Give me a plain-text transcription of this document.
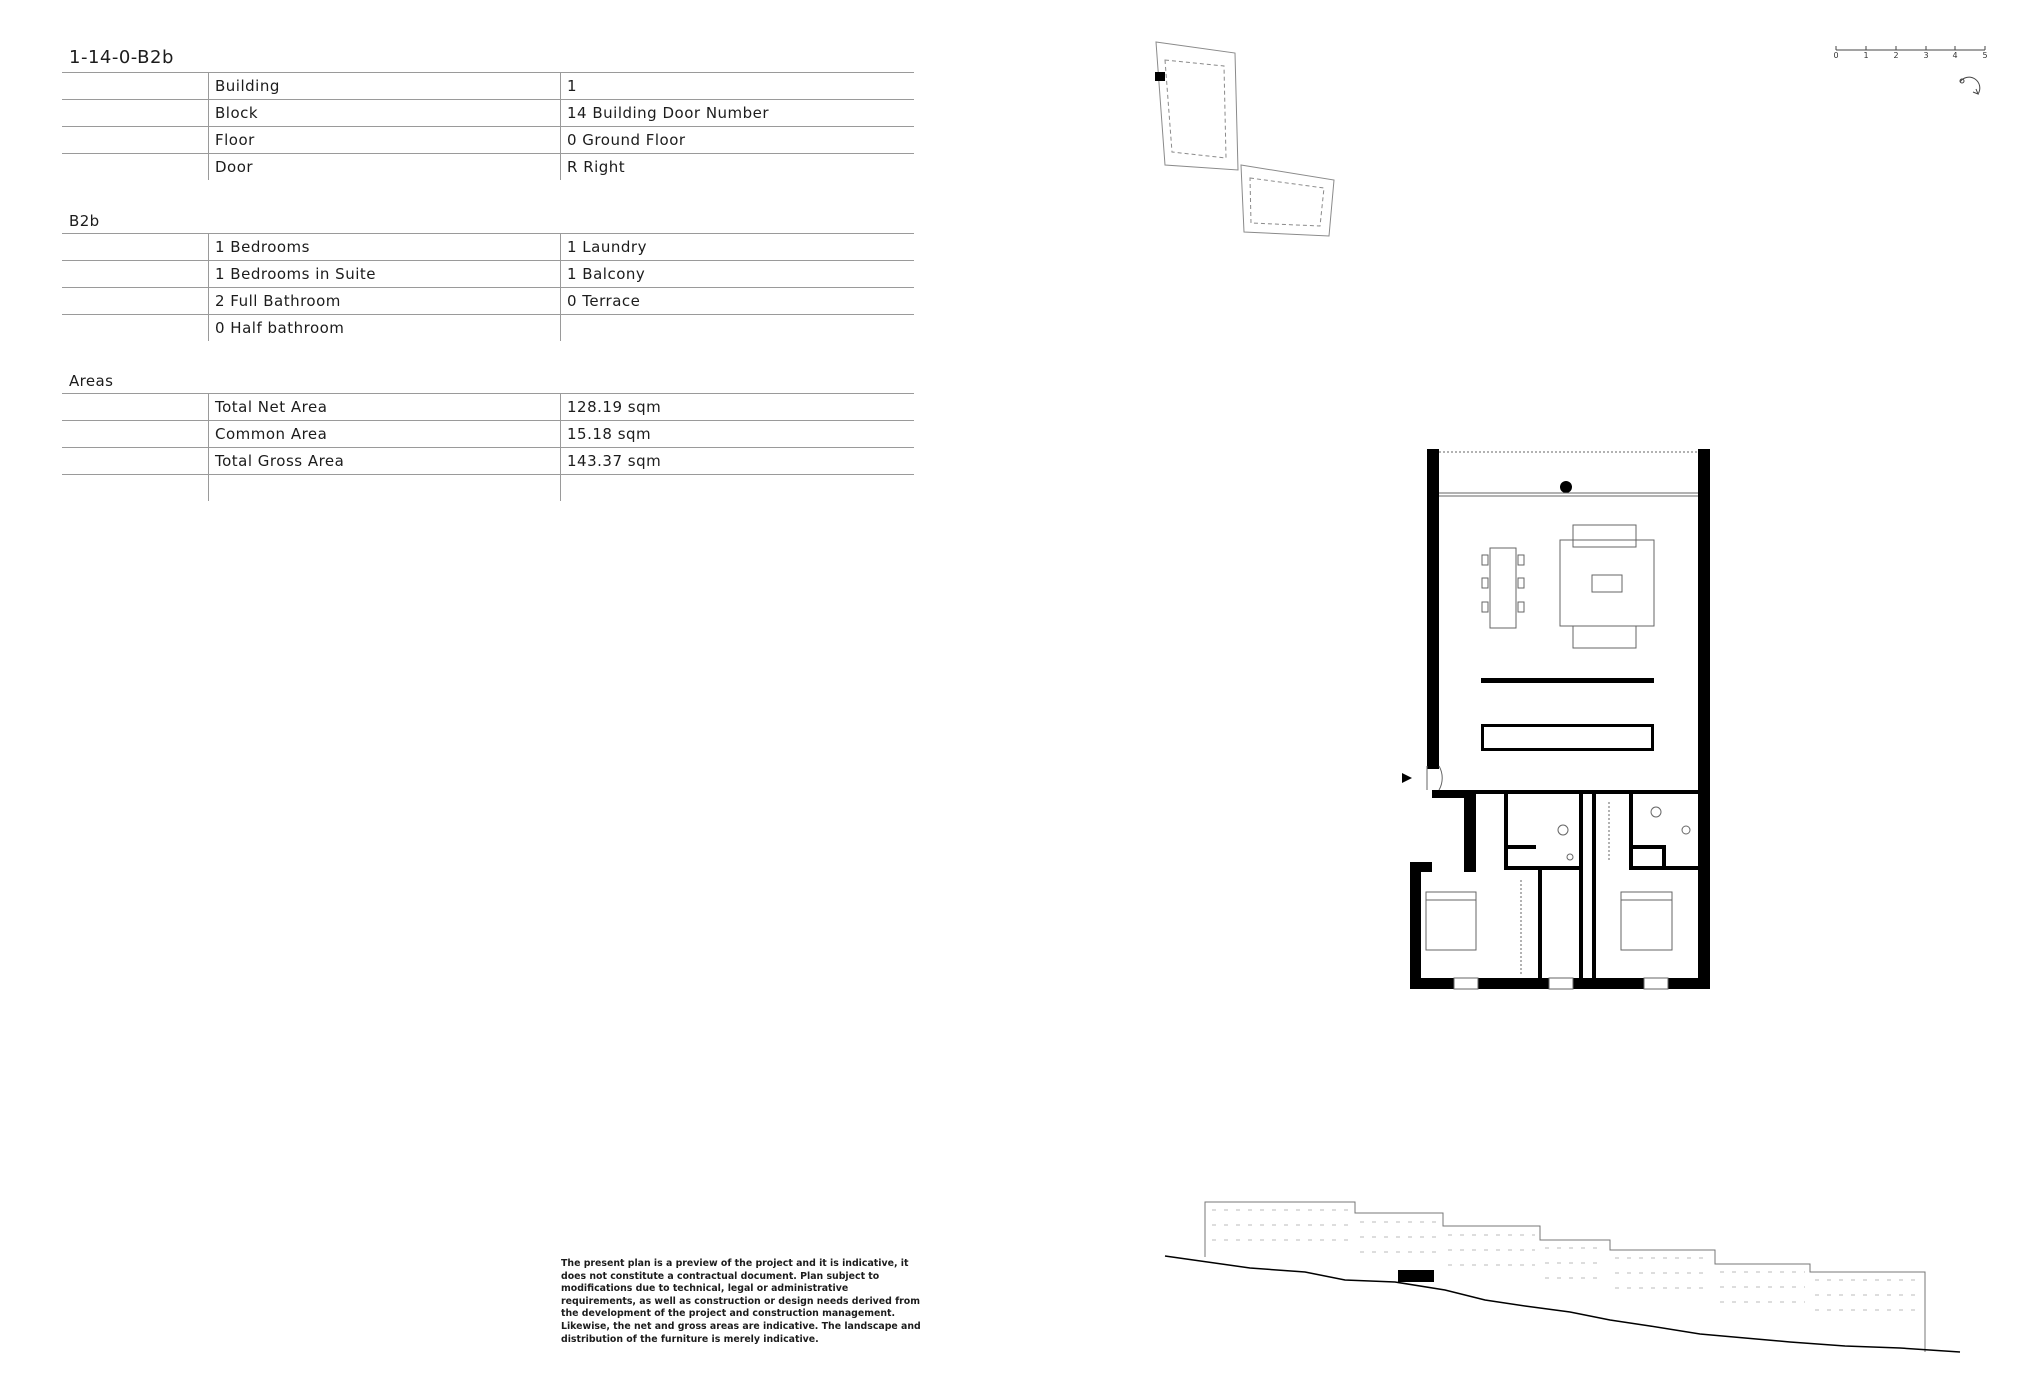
1-14-0-B2b
Building	1
Block	14 Building Door Number
Floor	0 Ground Floor
Door	R Right
B2b
1 Bedrooms	1 Laundry
1 Bedrooms in Suite	1 Balcony
2 Full Bathroom	0 Terrace
0 Half bathroom
Areas
Total Net Area	128.19 sqm
Common Area	15.18 sqm
Total Gross Area	143.37 sqm
0	1	2	3	4	5
The present plan is a preview of the project and it is indicative, it does not constitute a contractual document. Plan subject to modifications due to technical, legal or administrative requirements, as well as construction or design needs derived from the development of the project and construction management. Likewise, the net and gross areas are indicative. The landscape and distribution of the furniture is merely indicative.
